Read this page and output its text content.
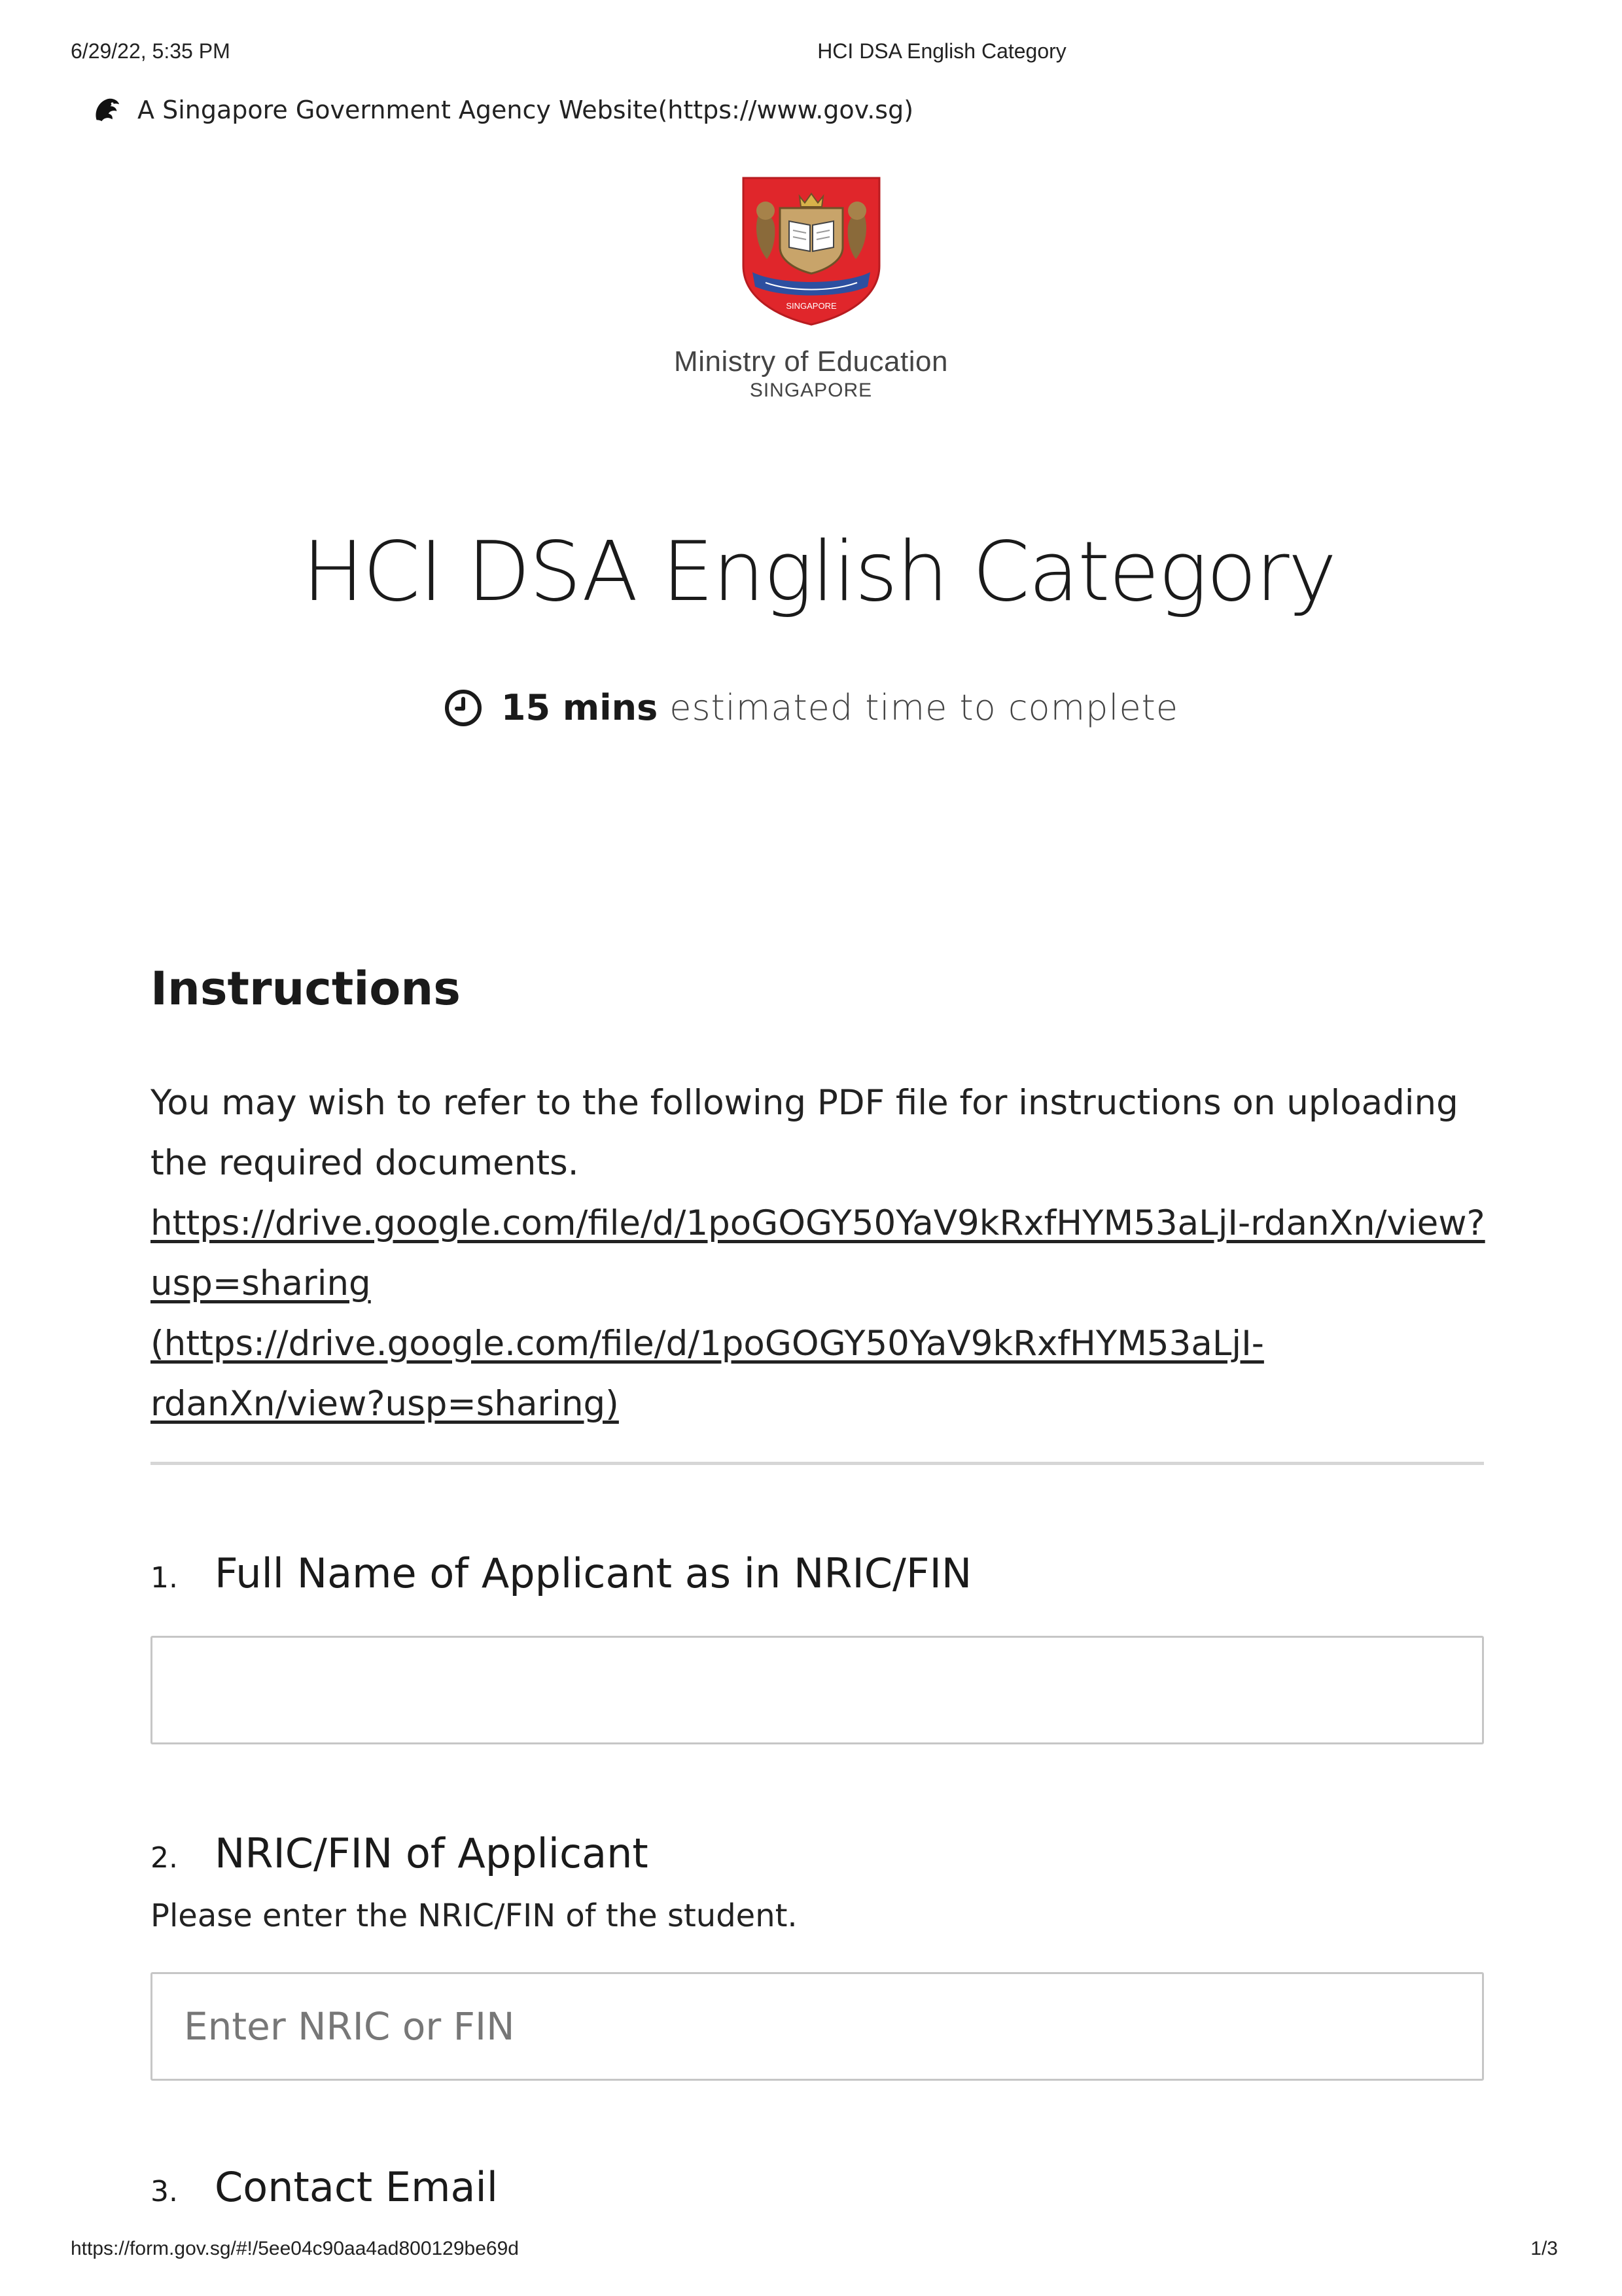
6/29/22, 5:35 PM	HCI DSA English Category
A Singapore Government Agency Website(https://www.gov.sg)
SINGAPORE
Ministry of Education
SINGAPORE
HCI DSA English Category
15 mins estimated time to complete
Instructions
You may wish to refer to the following PDF file for instructions on uploading the required documents.
https://drive.google.com/file/d/1poGOGY50YaV9kRxfHYM53aLjI-rdanXn/view?usp=sharing (https://drive.google.com/file/d/1poGOGY50YaV9kRxfHYM53aLjI-rdanXn/view?usp=sharing)
1. Full Name of Applicant as in NRIC/FIN
2. NRIC/FIN of Applicant
Please enter the NRIC/FIN of the student.
Enter NRIC or FIN
3. Contact Email
https://form.gov.sg/#!/5ee04c90aa4ad800129be69d	1/3
